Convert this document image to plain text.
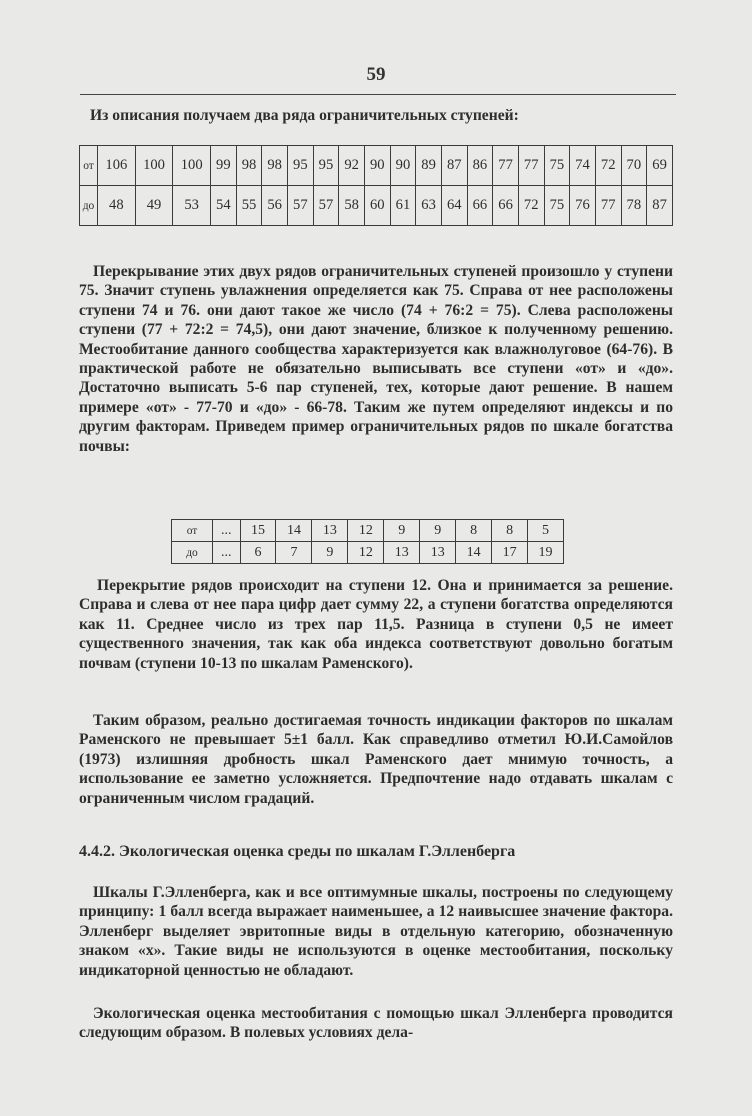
59

Из описания получаем два ряда ограничительных ступеней:

от	106	100	100	99	98	98	95	95	92	90	90	89	87	86	77	77	75	74	72	70	69
до	48	49	53	54	55	56	57	57	58	60	61	63	64	66	66	72	75	76	77	78	87

Перекрывание этих двух рядов ограничительных ступеней произошло у ступени 75. Значит ступень увлажнения определяется как 75. Справа от нее расположены ступени 74 и 76. они дают такое же число (74 + 76:2 = 75). Слева расположены ступени (77 + 72:2 = 74,5), они дают значение, близкое к полученному решению. Местообитание данного сообщества характеризуется как влажнолуговое (64-76). В практической работе не обязательно выписывать все ступени «от» и «до». Достаточно выписать 5-6 пар ступеней, тех, которые дают решение. В нашем примере «от» - 77-70 и «до» - 66-78. Таким же путем определяют индексы и по другим факторам. Приведем пример ограничительных рядов по шкале богатства почвы:

от	...	15	14	13	12	9	9	8	8	5
до	...	6	7	9	12	13	13	14	17	19

Перекрытие рядов происходит на ступени 12. Она и принимается за решение. Справа и слева от нее пара цифр дает сумму 22, а ступени богатства определяются как 11. Среднее число из трех пар 11,5. Разница в ступени 0,5 не имеет существенного значения, так как оба индекса соответствуют довольно богатым почвам (ступени 10-13 по шкалам Раменского).

Таким образом, реально достигаемая точность индикации факторов по шкалам Раменского не превышает 5±1 балл. Как справедливо отметил Ю.И.Самойлов (1973) излишняя дробность шкал Раменского дает мнимую точность, а использование ее заметно усложняется. Предпочтение надо отдавать шкалам с ограниченным числом градаций.

4.4.2. Экологическая оценка среды по шкалам Г.Элленберга

Шкалы Г.Элленберга, как и все оптимумные шкалы, построены по следующему принципу: 1 балл всегда выражает наименьшее, а 12 наивысшее значение фактора. Элленберг выделяет эвритопные виды в отдельную категорию, обозначенную знаком «х». Такие виды не используются в оценке местообитания, поскольку индикаторной ценностью не обладают.

Экологическая оценка местообитания с помощью шкал Элленберга проводится следующим образом. В полевых условиях дела-
